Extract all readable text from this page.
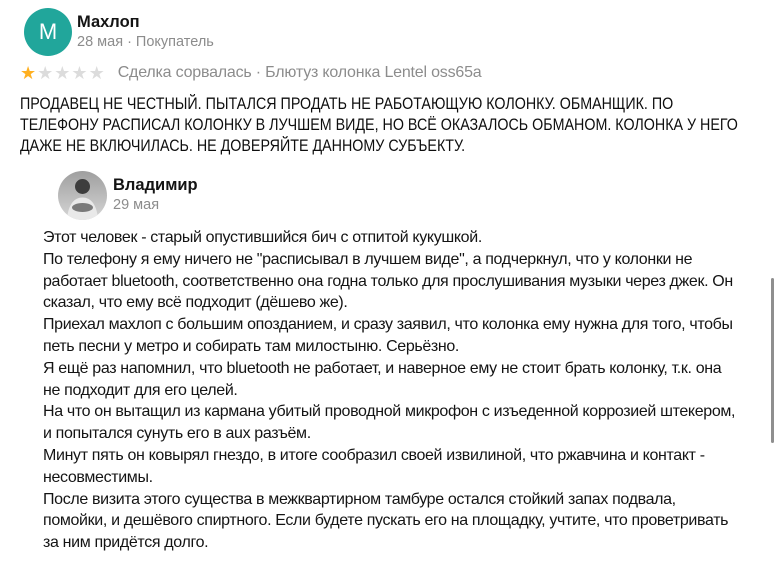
М	Махлоп
28 мая · Покупатель
★ ★ ★ ★ ★
Сделка сорвалась · Блютуз колонка Lentel oss65a
ПРОДАВЕЦ НЕ ЧЕСТНЫЙ. ПЫТАЛСЯ ПРОДАТЬ НЕ РАБОТАЮЩУЮ КОЛОНКУ. ОБМАНЩИК. ПО ТЕЛЕФОНУ РАСПИСАЛ КОЛОНКУ В ЛУЧШЕМ ВИДЕ, НО ВСЁ ОКАЗАЛОСЬ ОБМАНОМ. КОЛОНКА У НЕГО ДАЖЕ НЕ ВКЛЮЧИЛАСЬ. НЕ ДОВЕРЯЙТЕ ДАННОМУ СУБЪЕКТУ.
Владимир
29 мая

Этот человек - старый опустившийся бич с отпитой кукушкой.

По телефону я ему ничего не "расписывал в лучшем виде", а подчеркнул, что у колонки не работает bluetooth, соответственно она годна только для прослушивания музыки через джек. Он сказал, что ему всё подходит (дёшево же).

Приехал махлоп с большим опозданием, и сразу заявил, что колонка ему нужна для того, чтобы петь песни у метро и собирать там милостыню. Серьёзно.

Я ещё раз напомнил, что bluetooth не работает, и наверное ему не стоит брать колонку, т.к. она не подходит для его целей.

На что он вытащил из кармана убитый проводной микрофон с изъеденной коррозией штекером, и попытался сунуть его в aux разъём.

Минут пять он ковырял гнездо, в итоге сообразил своей извилиной, что ржавчина и контакт - несовместимы.

После визита этого существа в межквартирном тамбуре остался стойкий запах подвала, помойки, и дешёвого спиртного. Если будете пускать его на площадку, учтите, что проветривать за ним придётся долго.
